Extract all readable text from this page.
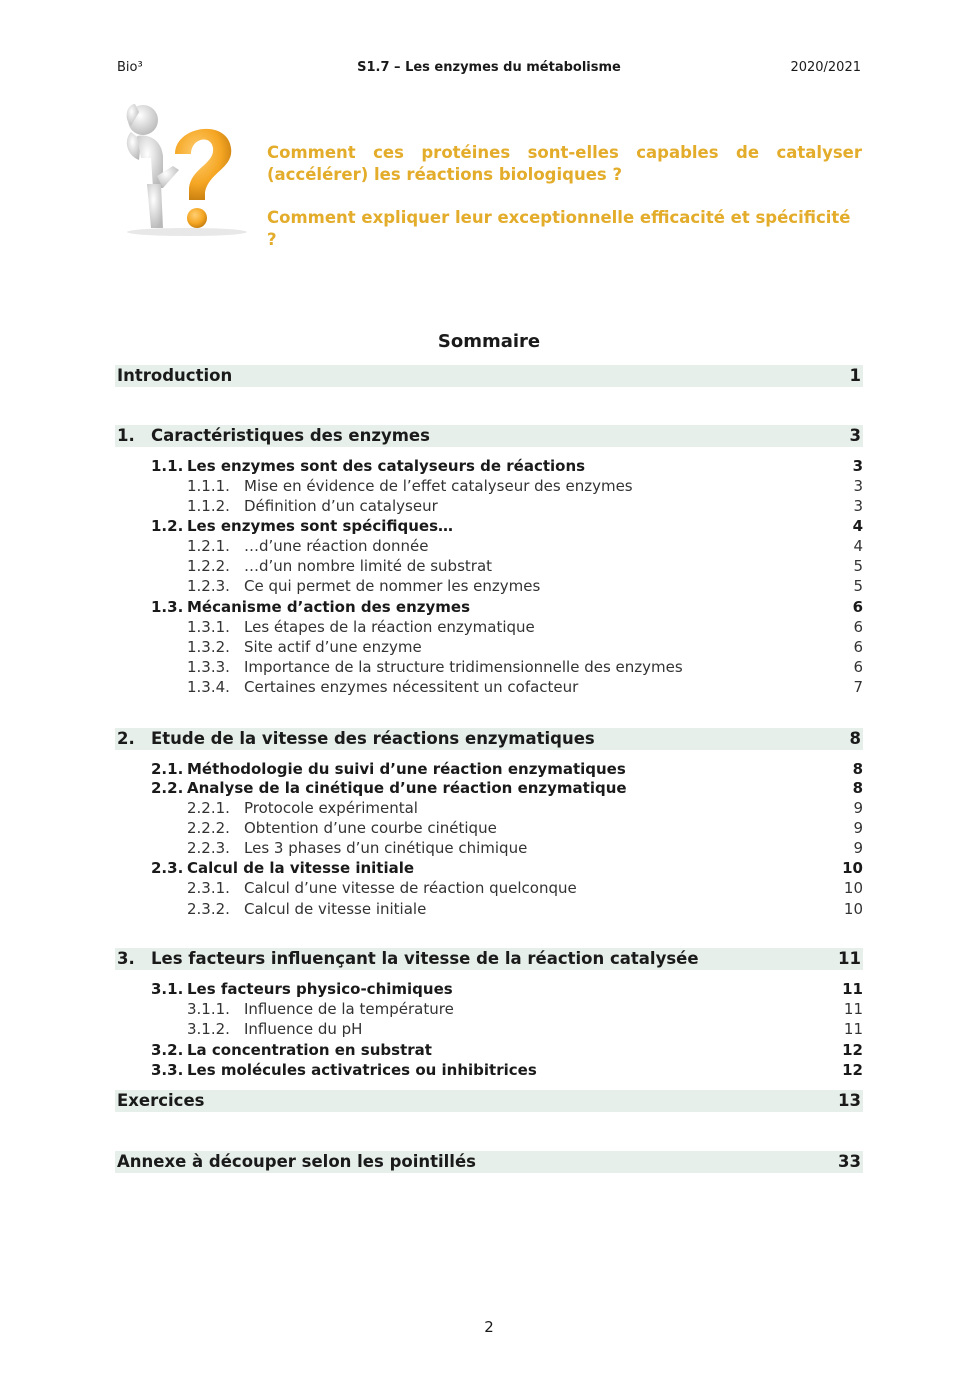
Bio³	S1.7 – Les enzymes du métabolisme	2020/2021
Comment ces protéines sont-elles capables de catalyser (accélérer) les réactions biologiques ?
Comment expliquer leur exceptionnelle efficacité et spécificité ?
Sommaire
Introduction	1
1. Caractéristiques des enzymes	3
1.1. Les enzymes sont des catalyseurs de réactions	3
1.1.1. Mise en évidence de l’effet catalyseur des enzymes	3
1.1.2. Définition d’un catalyseur	3
1.2. Les enzymes sont spécifiques…	4
1.2.1. …d’une réaction donnée	4
1.2.2. …d’un nombre limité de substrat	5
1.2.3. Ce qui permet de nommer les enzymes	5
1.3. Mécanisme d’action des enzymes	6
1.3.1. Les étapes de la réaction enzymatique	6
1.3.2. Site actif d’une enzyme	6
1.3.3. Importance de la structure tridimensionnelle des enzymes	6
1.3.4. Certaines enzymes nécessitent un cofacteur	7
2. Etude de la vitesse des réactions enzymatiques	8
2.1. Méthodologie du suivi d’une réaction enzymatiques	8
2.2. Analyse de la cinétique d’une réaction enzymatique	8
2.2.1. Protocole expérimental	9
2.2.2. Obtention d’une courbe cinétique	9
2.2.3. Les 3 phases d’un cinétique chimique	9
2.3. Calcul de la vitesse initiale	10
2.3.1. Calcul d’une vitesse de réaction quelconque	10
2.3.2. Calcul de vitesse initiale	10
3. Les facteurs influençant la vitesse de la réaction catalysée	11
3.1. Les facteurs physico-chimiques	11
3.1.1. Influence de la température	11
3.1.2. Influence du pH	11
3.2. La concentration en substrat	12
3.3. Les molécules activatrices ou inhibitrices	12
Exercices	13
Annexe à découper selon les pointillés	33
2
